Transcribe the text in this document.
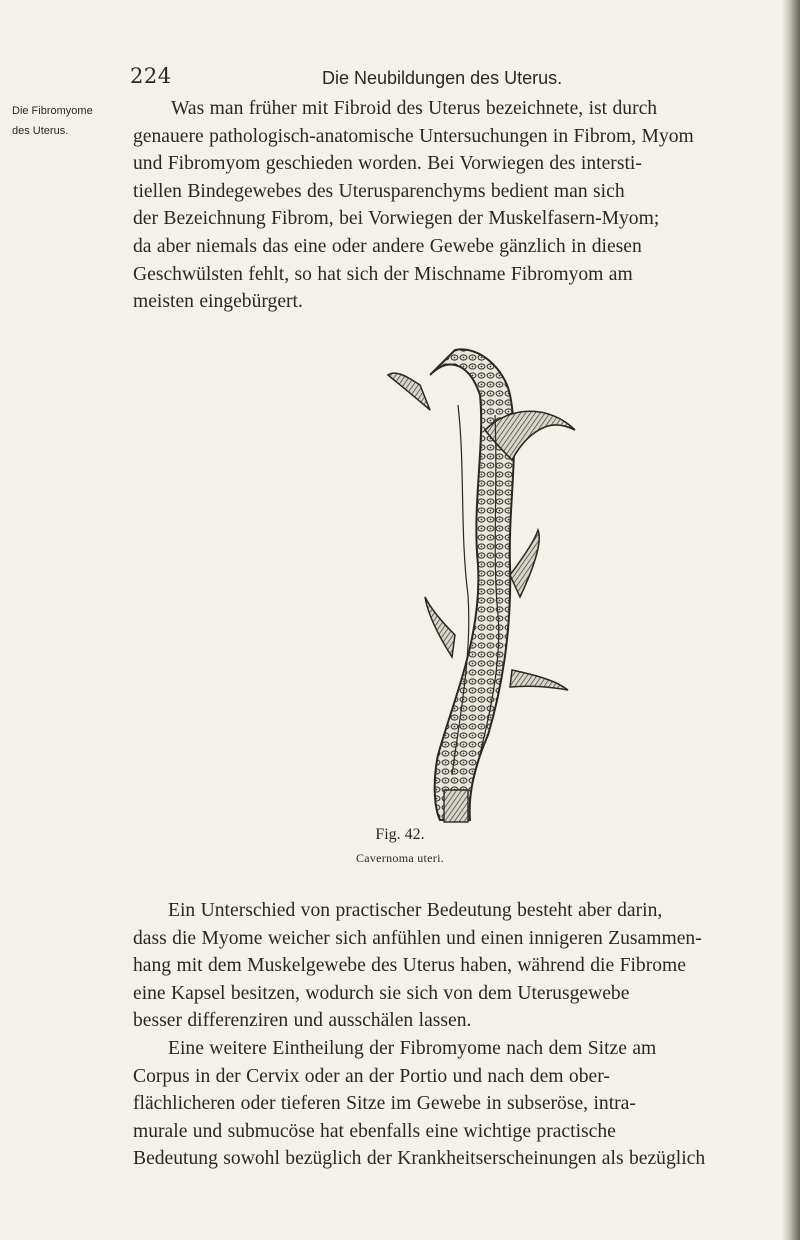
224	Die Neubildungen des Uterus.
Die Fibromyome
des Uterus.
Was man früher mit Fibroid des Uterus bezeichnete, ist durch
genauere pathologisch-anatomische Untersuchungen in Fibrom, Myom
und Fibromyom geschieden worden. Bei Vorwiegen des intersti-
tiellen Bindegewebes des Uterusparenchyms bedient man sich
der Bezeichnung Fibrom, bei Vorwiegen der Muskelfasern-Myom;
da aber niemals das eine oder andere Gewebe gänzlich in diesen
Geschwülsten fehlt, so hat sich der Mischname Fibromyom am
meisten eingebürgert.
Fig. 42.
Cavernoma uteri.
Ein Unterschied von practischer Bedeutung besteht aber darin,
dass die Myome weicher sich anfühlen und einen innigeren Zusammen-
hang mit dem Muskelgewebe des Uterus haben, während die Fibrome
eine Kapsel besitzen, wodurch sie sich von dem Uterusgewebe
besser differenziren und ausschälen lassen.
Eine weitere Eintheilung der Fibromyome nach dem Sitze am
Corpus in der Cervix oder an der Portio und nach dem ober-
flächlicheren oder tieferen Sitze im Gewebe in subseröse, intra-
murale und submucöse hat ebenfalls eine wichtige practische
Bedeutung sowohl bezüglich der Krankheitserscheinungen als bezüglich
